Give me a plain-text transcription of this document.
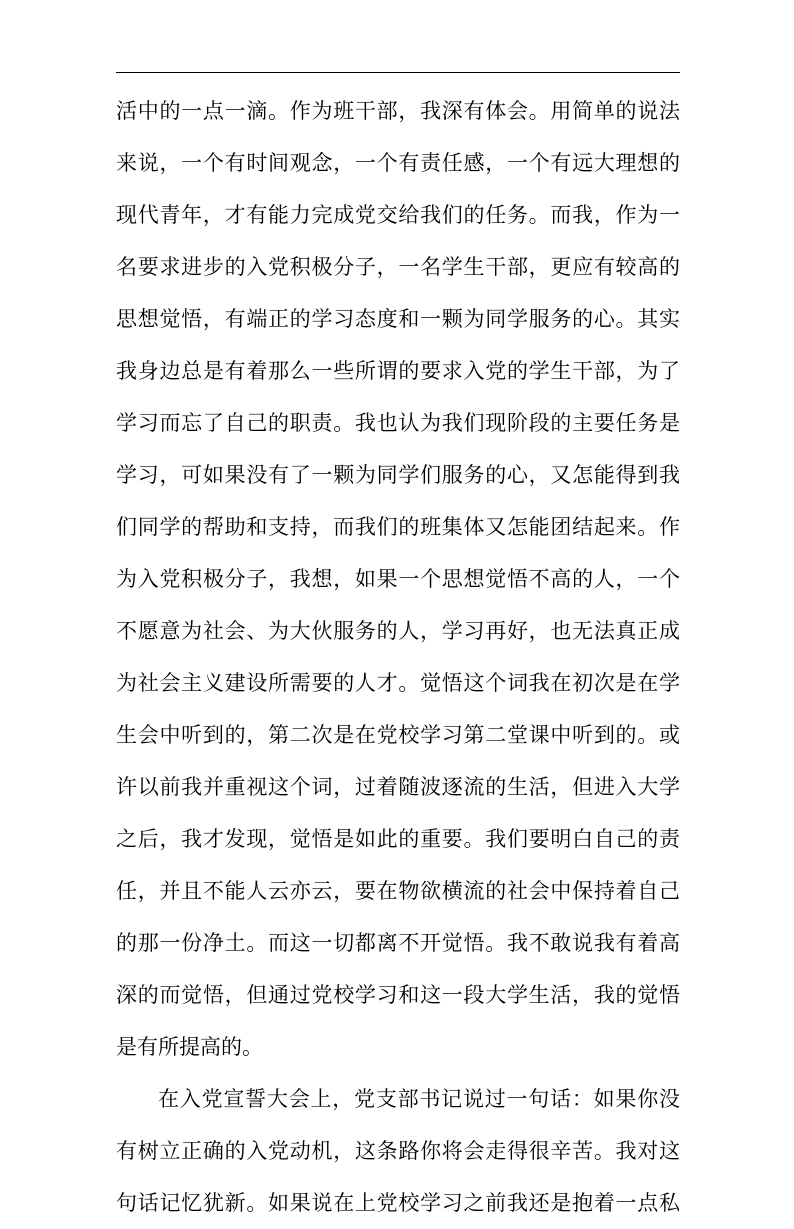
活中的一点一滴。作为班干部，我深有体会。用简单的说法
来说，一个有时间观念，一个有责任感，一个有远大理想的
现代青年，才有能力完成党交给我们的任务。而我，作为一
名要求进步的入党积极分子，一名学生干部，更应有较高的
思想觉悟，有端正的学习态度和一颗为同学服务的心。其实
我身边总是有着那么一些所谓的要求入党的学生干部，为了
学习而忘了自己的职责。我也认为我们现阶段的主要任务是
学习，可如果没有了一颗为同学们服务的心，又怎能得到我
们同学的帮助和支持，而我们的班集体又怎能团结起来。作
为入党积极分子，我想，如果一个思想觉悟不高的人，一个
不愿意为社会、为大伙服务的人，学习再好，也无法真正成
为社会主义建设所需要的人才。觉悟这个词我在初次是在学
生会中听到的，第二次是在党校学习第二堂课中听到的。或
许以前我并重视这个词，过着随波逐流的生活，但进入大学
之后，我才发现，觉悟是如此的重要。我们要明白自己的责
任，并且不能人云亦云，要在物欲横流的社会中保持着自己
的那一份净土。而这一切都离不开觉悟。我不敢说我有着高
深的而觉悟，但通过党校学习和这一段大学生活，我的觉悟
是有所提高的。
在入党宣誓大会上，党支部书记说过一句话：如果你没
有树立正确的入党动机，这条路你将会走得很辛苦。我对这
句话记忆犹新。如果说在上党校学习之前我还是抱着一点私
